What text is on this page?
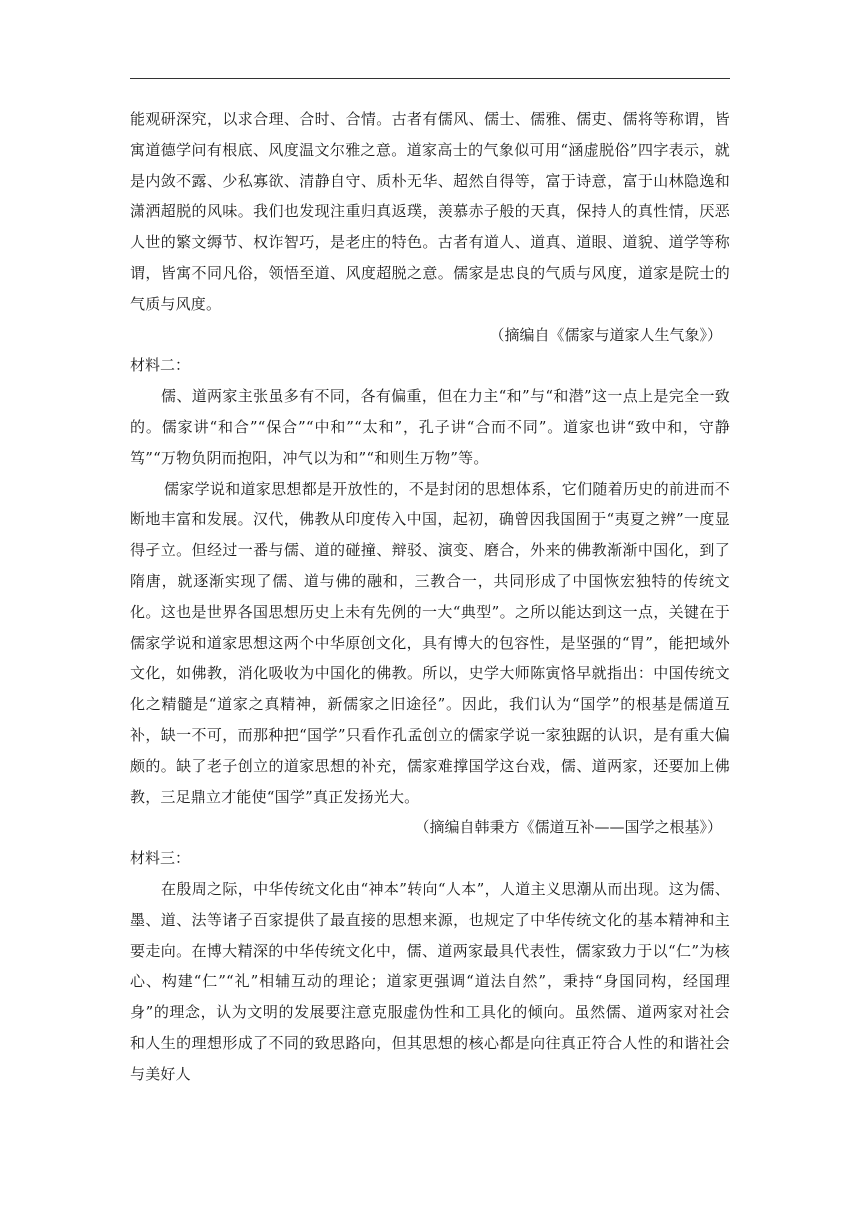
能观研深究，以求合理、合时、合情。古者有儒风、儒士、儒雅、儒吏、儒将等称谓，皆寓道德学问有根底、风度温文尔雅之意。道家高士的气象似可用“涵虚脱俗”四字表示，就是内敛不露、少私寡欲、清静自守、质朴无华、超然自得等，富于诗意，富于山林隐逸和潇洒超脱的风味。我们也发现注重归真返璞，羡慕赤子般的天真，保持人的真性情，厌恶人世的繁文缛节、权诈智巧，是老庄的特色。古者有道人、道真、道眼、道貌、道学等称谓，皆寓不同凡俗，领悟至道、风度超脱之意。儒家是忠良的气质与风度，道家是院士的气质与风度。

（摘编自《儒家与道家人生气象》）

材料二：

儒、道两家主张虽多有不同，各有偏重，但在力主“和”与“和潜”这一点上是完全一致的。儒家讲“和合”“保合”“中和”“太和”，孔子讲“合而不同”。道家也讲“致中和，守静笃”“万物负阴而抱阳，冲气以为和”“和则生万物”等。

儒家学说和道家思想都是开放性的，不是封闭的思想体系，它们随着历史的前进而不断地丰富和发展。汉代，佛教从印度传入中国，起初，确曾因我国囿于“夷夏之辨”一度显得孑立。但经过一番与儒、道的碰撞、辩驳、演变、磨合，外来的佛教渐渐中国化，到了隋唐，就逐渐实现了儒、道与佛的融和，三教合一，共同形成了中国恢宏独特的传统文化。这也是世界各国思想历史上未有先例的一大“典型”。之所以能达到这一点，关键在于儒家学说和道家思想这两个中华原创文化，具有博大的包容性，是坚强的“胃”，能把域外文化，如佛教，消化吸收为中国化的佛教。所以，史学大师陈寅恪早就指出：中国传统文化之精髓是“道家之真精神，新儒家之旧途径”。因此，我们认为“国学”的根基是儒道互补，缺一不可，而那种把“国学”只看作孔孟创立的儒家学说一家独踞的认识，是有重大偏颇的。缺了老子创立的道家思想的补充，儒家难撑国学这台戏，儒、道两家，还要加上佛教，三足鼎立才能使“国学”真正发扬光大。

（摘编自韩秉方《儒道互补——国学之根基》）

材料三：

在殷周之际，中华传统文化由“神本”转向“人本”，人道主义思潮从而出现。这为儒、墨、道、法等诸子百家提供了最直接的思想来源，也规定了中华传统文化的基本精神和主要走向。在博大精深的中华传统文化中，儒、道两家最具代表性，儒家致力于以“仁”为核心、构建“仁”“礼”相辅互动的理论；道家更强调“道法自然”，秉持“身国同构，经国理身”的理念，认为文明的发展要注意克服虚伪性和工具化的倾向。虽然儒、道两家对社会和人生的理想形成了不同的致思路向，但其思想的核心都是向往真正符合人性的和谐社会与美好人
